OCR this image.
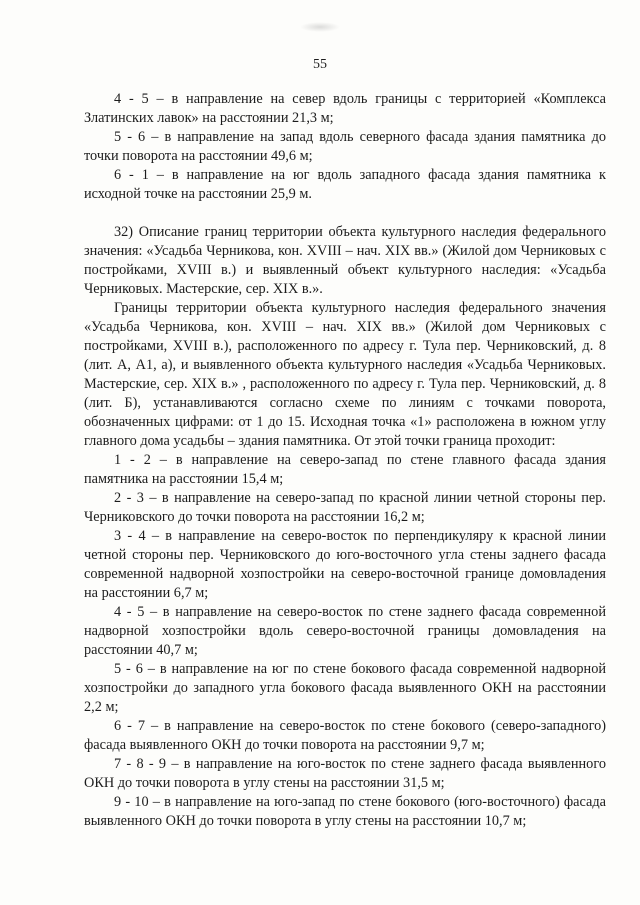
55

4 - 5 – в направление на север вдоль границы с территорией «Комплекса Златинских лавок» на расстоянии 21,3 м;

5 - 6 – в направление на запад вдоль северного фасада здания памятника до точки поворота на расстоянии 49,6 м;

6 - 1 – в направление на юг вдоль западного фасада здания памятника к исходной точке на расстоянии 25,9 м.

32) Описание границ территории объекта культурного наследия федерального значения: «Усадьба Черникова, кон. XVIII – нач. XIX вв.» (Жилой дом Черниковых с постройками, XVIII в.) и выявленный объект культурного наследия: «Усадьба Черниковых. Мастерские, сер. XIX в.».

Границы территории объекта культурного наследия федерального значения «Усадьба Черникова, кон. XVIII – нач. XIX вв.» (Жилой дом Черниковых с постройками, XVIII в.), расположенного по адресу г. Тула пер. Черниковский, д. 8 (лит. А, А1, а), и выявленного объекта культурного наследия «Усадьба Черниковых. Мастерские, сер. XIX в.» , расположенного по адресу г. Тула пер. Черниковский, д. 8 (лит. Б), устанавливаются согласно схеме по линиям с точками поворота, обозначенных цифрами: от 1 до 15. Исходная точка «1» расположена в южном углу главного дома усадьбы – здания памятника. От этой точки граница проходит:

1 - 2 – в направление на северо-запад по стене главного фасада здания памятника на расстоянии 15,4 м;

2 - 3 – в направление на северо-запад по красной линии четной стороны пер. Черниковского до точки поворота на расстоянии 16,2 м;

3 - 4 – в направление на северо-восток по перпендикуляру к красной линии четной стороны пер. Черниковского до юго-восточного угла стены заднего фасада современной надворной хозпостройки на северо-восточной границе домовладения на расстоянии 6,7 м;

4 - 5 – в направление на северо-восток по стене заднего фасада современной надворной хозпостройки вдоль северо-восточной границы домовладения на расстоянии 40,7 м;

5 - 6 – в направление на юг по стене бокового фасада современной надворной хозпостройки до западного угла бокового фасада выявленного ОКН на расстоянии 2,2 м;

6 - 7 – в направление на северо-восток по стене бокового (северо-западного) фасада выявленного ОКН до точки поворота на расстоянии 9,7 м;

7 - 8 - 9 – в направление на юго-восток по стене заднего фасада выявленного ОКН до точки поворота в углу стены на расстоянии 31,5 м;

9 - 10 – в направление на юго-запад по стене бокового (юго-восточного) фасада выявленного ОКН до точки поворота в углу стены на расстоянии 10,7 м;
